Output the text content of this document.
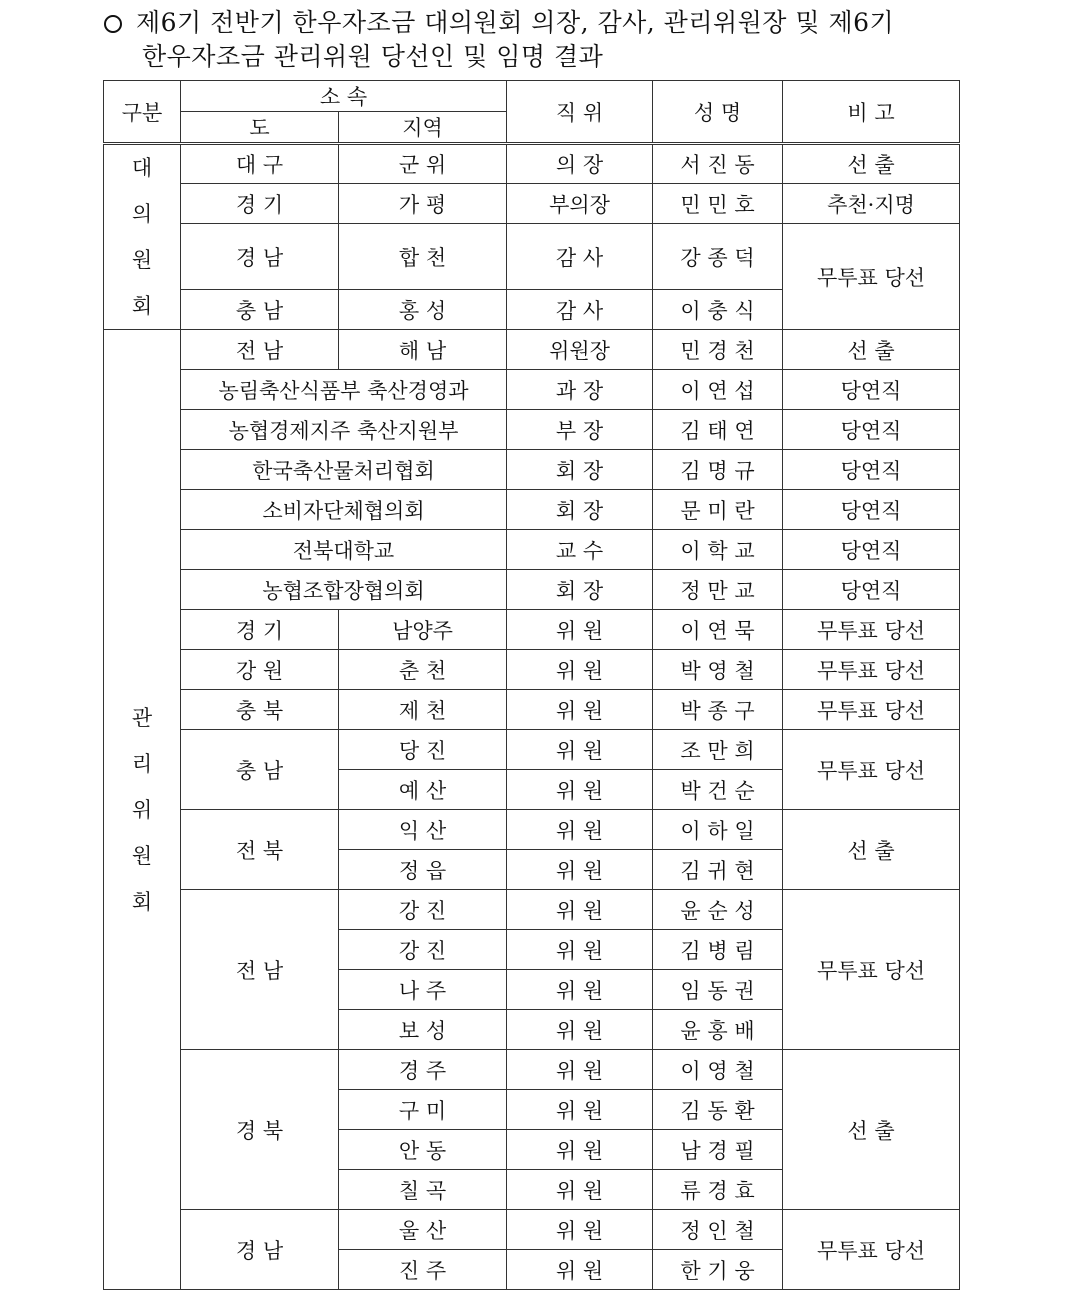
제6기 전반기 한우자조금 대의원회 의장, 감사, 관리위원장 및 제6기
한우자조금 관리위원 당선인 및 임명 결과
구분	소 속		직 위	성 명	비 고
	도	지역			

대
의
원
회	대 구	군 위	의 장	서 진 동	선 출
	경 기	가 평	부의장	민 민 호	추천·지명
	경 남	합 천	감 사	강 종 덕	무투표 당선
	충 남	홍 성	감 사	이 충 식	

관
리
위
원
회	전 남	해 남	위원장	민 경 천	선 출
	농림축산식품부 축산경영과		과 장	이 연 섭	당연직
	농협경제지주 축산지원부		부 장	김 태 연	당연직
	한국축산물처리협회		회 장	김 명 규	당연직
	소비자단체협의회		회 장	문 미 란	당연직
	전북대학교		교 수	이 학 교	당연직
	농협조합장협의회		회 장	정 만 교	당연직
	경 기	남양주	위 원	이 연 묵	무투표 당선
	강 원	춘 천	위 원	박 영 철	무투표 당선
	충 북	제 천	위 원	박 종 구	무투표 당선
	충 남	당 진	위 원	조 만 희	무투표 당선
		예 산	위 원	박 건 순	
	전 북	익 산	위 원	이 하 일	선 출
		정 읍	위 원	김 귀 현	
	전 남	강 진	위 원	윤 순 성	무투표 당선
		강 진	위 원	김 병 림	
		나 주	위 원	임 동 권	
		보 성	위 원	윤 홍 배	
	경 북	경 주	위 원	이 영 철	선 출
		구 미	위 원	김 동 환	
		안 동	위 원	남 경 필	
		칠 곡	위 원	류 경 효	
	경 남	울 산	위 원	정 인 철	무투표 당선
		진 주	위 원	한 기 웅	
